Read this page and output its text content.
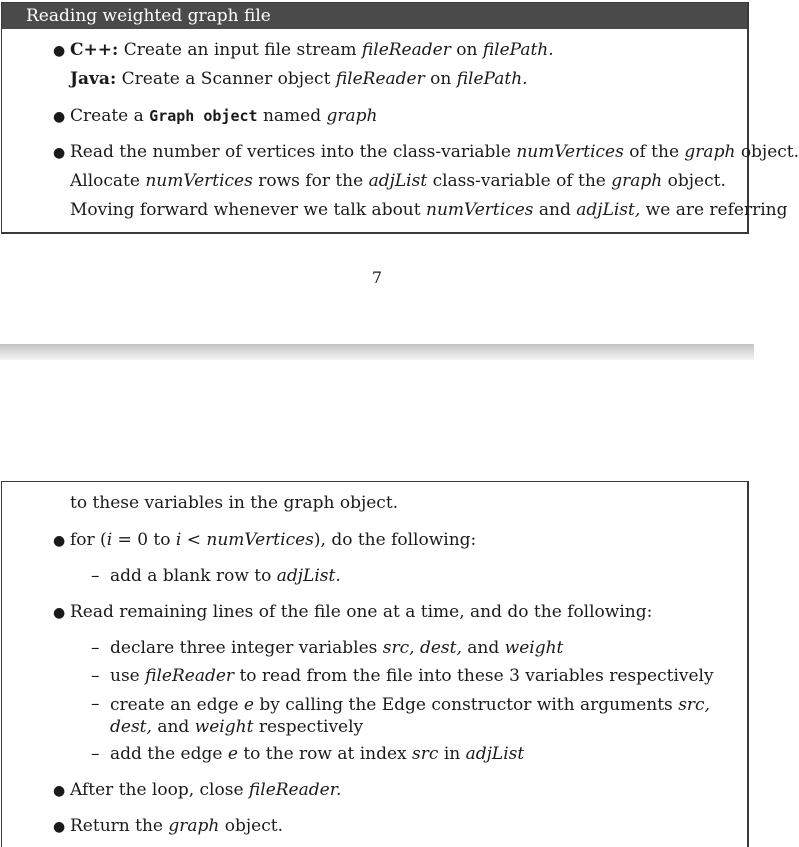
Reading weighted graph file
● C++: Create an input file stream fileReader on filePath.
Java: Create a Scanner object fileReader on filePath.
● Create a Graph object named graph
● Read the number of vertices into the class-variable numVertices of the graph object.
Allocate numVertices rows for the adjList class-variable of the graph object.
Moving forward whenever we talk about numVertices and adjList, we are referring
7
to these variables in the graph object.
● for (i = 0 to i < numVertices), do the following:
– add a blank row to adjList.
● Read remaining lines of the file one at a time, and do the following:
– declare three integer variables src, dest, and weight
– use fileReader to read from the file into these 3 variables respectively
– create an edge e by calling the Edge constructor with arguments src, dest, and weight respectively
– add the edge e to the row at index src in adjList
● After the loop, close fileReader.
● Return the graph object.
